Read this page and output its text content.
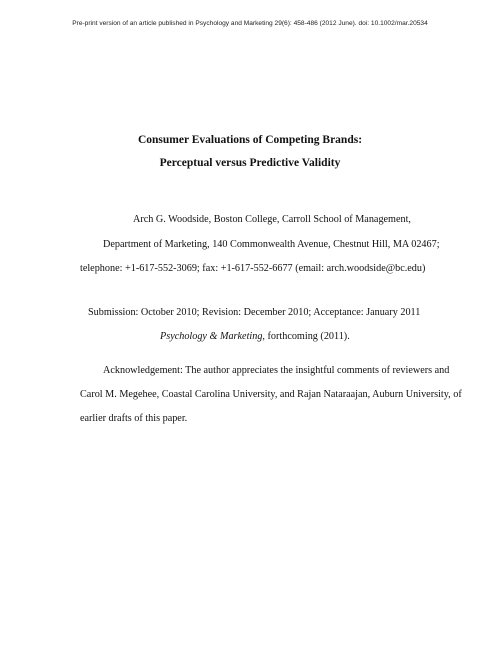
Pre-print version of an article published in Psychology and Marketing 29(6): 458-486 (2012 June). doi: 10.1002/mar.20534
Consumer Evaluations of Competing Brands:
Perceptual versus Predictive Validity
Arch G. Woodside, Boston College, Carroll School of Management,
Department of Marketing, 140 Commonwealth Avenue, Chestnut Hill, MA 02467;
telephone: +1-617-552-3069; fax: +1-617-552-6677 (email: arch.woodside@bc.edu)
Submission: October 2010; Revision: December 2010; Acceptance: January 2011
Psychology & Marketing, forthcoming (2011).
Acknowledgement: The author appreciates the insightful comments of reviewers and
Carol M. Megehee, Coastal Carolina University, and Rajan Nataraajan, Auburn University, of
earlier drafts of this paper.
